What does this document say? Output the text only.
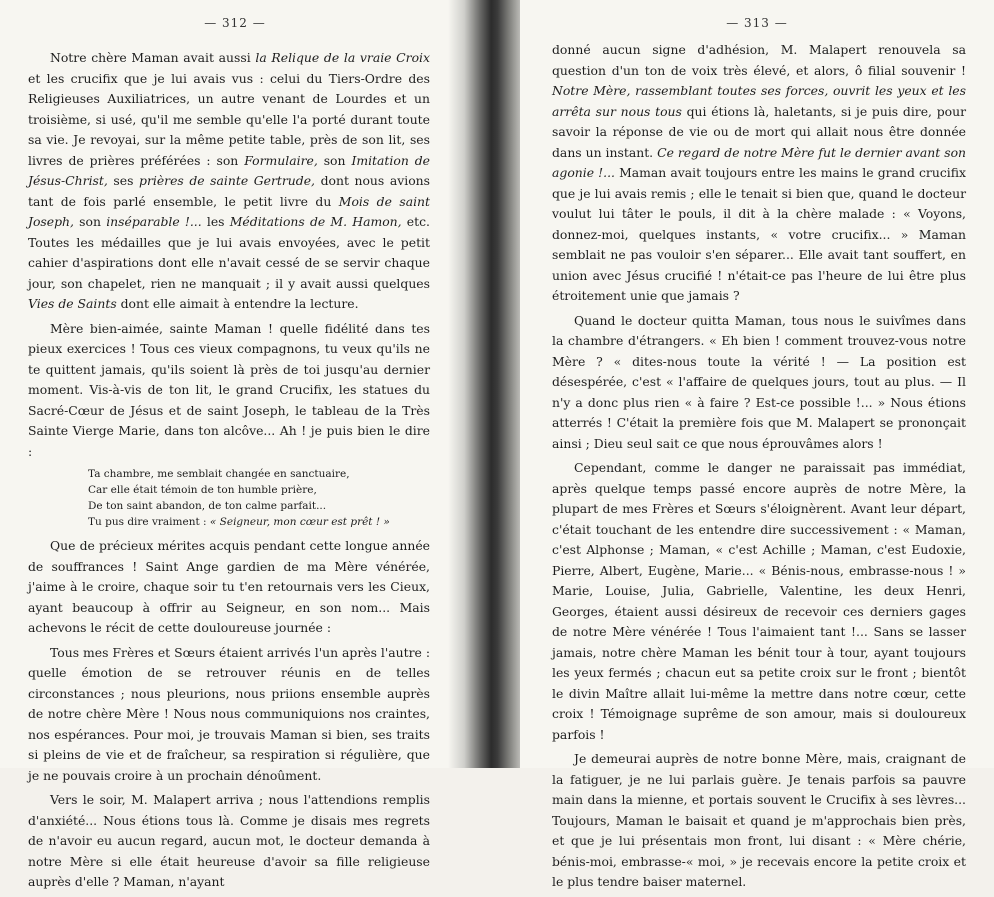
— 312 —

Notre chère Maman avait aussi la Relique de la vraie Croix et les crucifix que je lui avais vus : celui du Tiers-Ordre des Religieuses Auxiliatrices, un autre venant de Lourdes et un troisième, si usé, qu'il me semble qu'elle l'a porté durant toute sa vie. Je revoyai, sur la même petite table, près de son lit, ses livres de prières préférées : son Formulaire, son Imitation de Jésus-Christ, ses prières de sainte Gertrude, dont nous avions tant de fois parlé ensemble, le petit livre du Mois de saint Joseph, son inséparable !... les Méditations de M. Hamon, etc. Toutes les médailles que je lui avais envoyées, avec le petit cahier d'aspirations dont elle n'avait cessé de se servir chaque jour, son chapelet, rien ne manquait ; il y avait aussi quelques Vies de Saints dont elle aimait à entendre la lecture.

Mère bien-aimée, sainte Maman ! quelle fidélité dans tes pieux exercices ! Tous ces vieux compagnons, tu veux qu'ils ne te quittent jamais, qu'ils soient là près de toi jusqu'au dernier moment. Vis-à-vis de ton lit, le grand Crucifix, les statues du Sacré-Cœur de Jésus et de saint Joseph, le tableau de la Très Sainte Vierge Marie, dans ton alcôve... Ah ! je puis bien le dire :

Ta chambre, me semblait changée en sanctuaire,
Car elle était témoin de ton humble prière,
De ton saint abandon, de ton calme parfait...
Tu pus dire vraiment : « Seigneur, mon cœur est prêt ! »

Que de précieux mérites acquis pendant cette longue année de souffrances ! Saint Ange gardien de ma Mère vénérée, j'aime à le croire, chaque soir tu t'en retournais vers les Cieux, ayant beaucoup à offrir au Seigneur, en son nom... Mais achevons le récit de cette douloureuse journée :

Tous mes Frères et Sœurs étaient arrivés l'un après l'autre : quelle émotion de se retrouver réunis en de telles circonstances ; nous pleurions, nous priions ensemble auprès de notre chère Mère ! Nous nous communiquions nos craintes, nos espérances. Pour moi, je trouvais Maman si bien, ses traits si pleins de vie et de fraîcheur, sa respiration si régulière, que je ne pouvais croire à un prochain dénoûment.

Vers le soir, M. Malapert arriva ; nous l'attendions remplis d'anxiété... Nous étions tous là. Comme je disais mes regrets de n'avoir eu aucun regard, aucun mot, le docteur demanda à notre Mère si elle était heureuse d'avoir sa fille religieuse auprès d'elle ? Maman, n'ayant

— 313 —

donné aucun signe d'adhésion, M. Malapert renouvela sa question d'un ton de voix très élevé, et alors, ô filial souvenir ! Notre Mère, rassemblant toutes ses forces, ouvrit les yeux et les arrêta sur nous tous qui étions là, haletants, si je puis dire, pour savoir la réponse de vie ou de mort qui allait nous être donnée dans un instant. Ce regard de notre Mère fut le dernier avant son agonie !... Maman avait toujours entre les mains le grand crucifix que je lui avais remis ; elle le tenait si bien que, quand le docteur voulut lui tâter le pouls, il dit à la chère malade : « Voyons, donnez-moi, quelques instants, « votre crucifix... » Maman semblait ne pas vouloir s'en séparer... Elle avait tant souffert, en union avec Jésus crucifié ! n'était-ce pas l'heure de lui être plus étroitement unie que jamais ?

Quand le docteur quitta Maman, tous nous le suivîmes dans la chambre d'étrangers. « Eh bien ! comment trouvez-vous notre Mère ? « dites-nous toute la vérité ! — La position est désespérée, c'est « l'affaire de quelques jours, tout au plus. — Il n'y a donc plus rien « à faire ? Est-ce possible !... » Nous étions atterrés ! C'était la première fois que M. Malapert se prononçait ainsi ; Dieu seul sait ce que nous éprouvâmes alors !

Cependant, comme le danger ne paraissait pas immédiat, après quelque temps passé encore auprès de notre Mère, la plupart de mes Frères et Sœurs s'éloignèrent. Avant leur départ, c'était touchant de les entendre dire successivement : « Maman, c'est Alphonse ; Maman, « c'est Achille ; Maman, c'est Eudoxie, Pierre, Albert, Eugène, Marie... « Bénis-nous, embrasse-nous ! » Marie, Louise, Julia, Gabrielle, Valentine, les deux Henri, Georges, étaient aussi désireux de recevoir ces derniers gages de notre Mère vénérée ! Tous l'aimaient tant !... Sans se lasser jamais, notre chère Maman les bénit tour à tour, ayant toujours les yeux fermés ; chacun eut sa petite croix sur le front ; bientôt le divin Maître allait lui-même la mettre dans notre cœur, cette croix ! Témoignage suprême de son amour, mais si douloureux parfois !

Je demeurai auprès de notre bonne Mère, mais, craignant de la fatiguer, je ne lui parlais guère. Je tenais parfois sa pauvre main dans la mienne, et portais souvent le Crucifix à ses lèvres... Toujours, Maman le baisait et quand je m'approchais bien près, et que je lui présentais mon front, lui disant : « Mère chérie, bénis-moi, embrasse-« moi, » je recevais encore la petite croix et le plus tendre baiser maternel.
